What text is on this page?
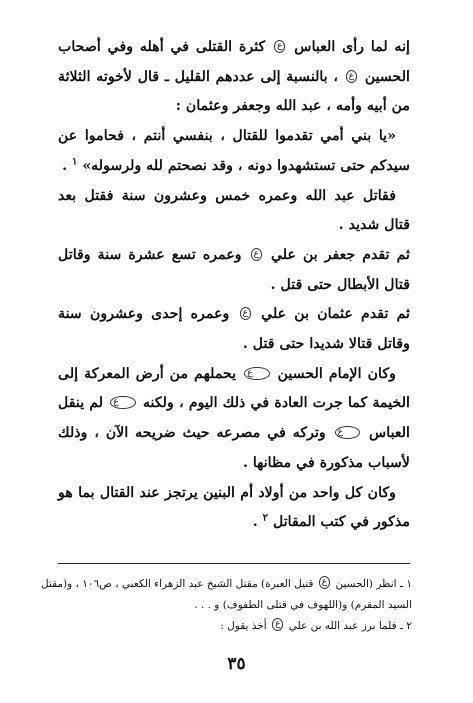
إنه لما رأى العباس ع كثرة القتلى في أهله وفي أصحاب الحسين ع ، بالنسبة إلى عددهم القليل ـ قال لأخوته الثلاثة من أبيه وأمه ، عبد الله وجعفر وعثمان :

«يا بني أمي تقدموا للقتال ، بنفسي أنتم ، فحاموا عن سيدكم حتى تستشهدوا دونه ، وقد نصحتم لله ولرسوله» $^١$ .

فقاتل عبد الله وعمره خمس وعشرون سنة فقتل بعد قتال شديد .

ثم تقدم جعفر بن علي ع وعمره تسع عشرة سنة وقاتل قتال الأبطال حتى قتل .

ثم تقدم عثمان بن علي ع وعمره إحدى وعشرون سنة وقاتل قتالا شديدا حتى قتل .

وكان الإمام الحسين ع يحملهم من أرض المعركة إلى الخيمة كما جرت العادة في ذلك اليوم ، ولكنه ع لم ينقل العباس ع وتركه في مصرعه حيث ضريحه الآن ، وذلك لأسباب مذكورة في مظانها .

وكان كل واحد من أولاد أم البنين يرتجز عند القتال بما هو مذكور في كتب المقاتل $^٢$ .

١ ـ انظر (الحسين ع قتيل العبرة) مقتل الشيخ عبد الزهراء الكعبي ، ص١٠٦ ، و(مقتل السيد المقرم) و(اللهوف في قتلى الطفوف) و . . .

٢ ـ فلما برز عبد الله بن علي ع أخذ يقول :

٣٥
